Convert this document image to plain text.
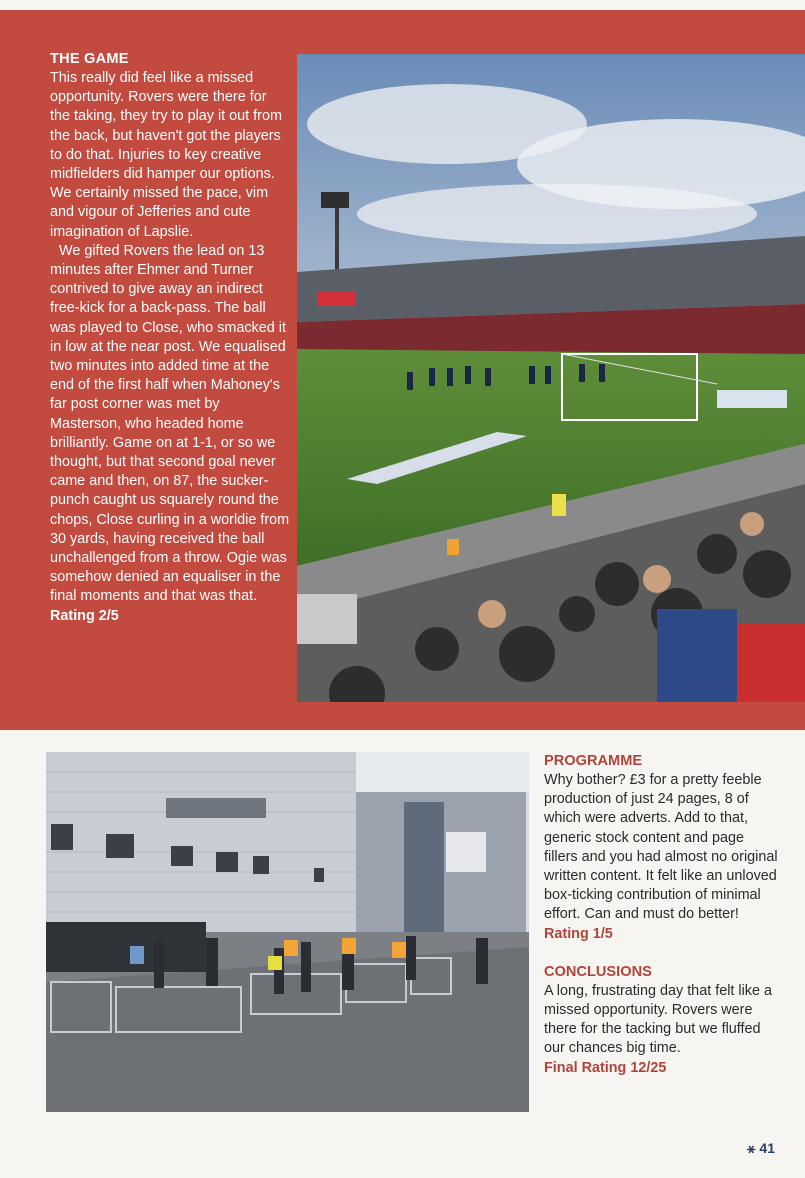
THE GAME

This really did feel like a missed opportunity. Rovers were there for the taking, they try to play it out from the back, but haven't got the players to do that. Injuries to key creative midfielders did hamper our options. We certainly missed the pace, vim and vigour of Jefferies and cute imagination of Lapslie.

We gifted Rovers the lead on 13 minutes after Ehmer and Turner contrived to give away an indirect free-kick for a back-pass. The ball was played to Close, who smacked it in low at the near post. We equalised two minutes into added time at the end of the first half when Mahoney's far post corner was met by Masterson, who headed home brilliantly. Game on at 1-1, or so we thought, but that second goal never came and then, on 87, the sucker-punch caught us squarely round the chops, Close curling in a worldie from 30 yards, having received the ball unchallenged from a throw. Ogie was somehow denied an equaliser in the final moments and that was that.

Rating 2/5

PROGRAMME

Why bother? £3 for a pretty feeble production of just 24 pages, 8 of which were adverts. Add to that, generic stock content and page fillers and you had almost no original written content. It felt like an unloved box-ticking contribution of minimal effort. Can and must do better!

Rating 1/5

CONCLUSIONS

A long, frustrating day that felt like a missed opportunity. Rovers were there for the tacking but we fluffed our chances big time.

Final Rating 12/25

⚹ 41
